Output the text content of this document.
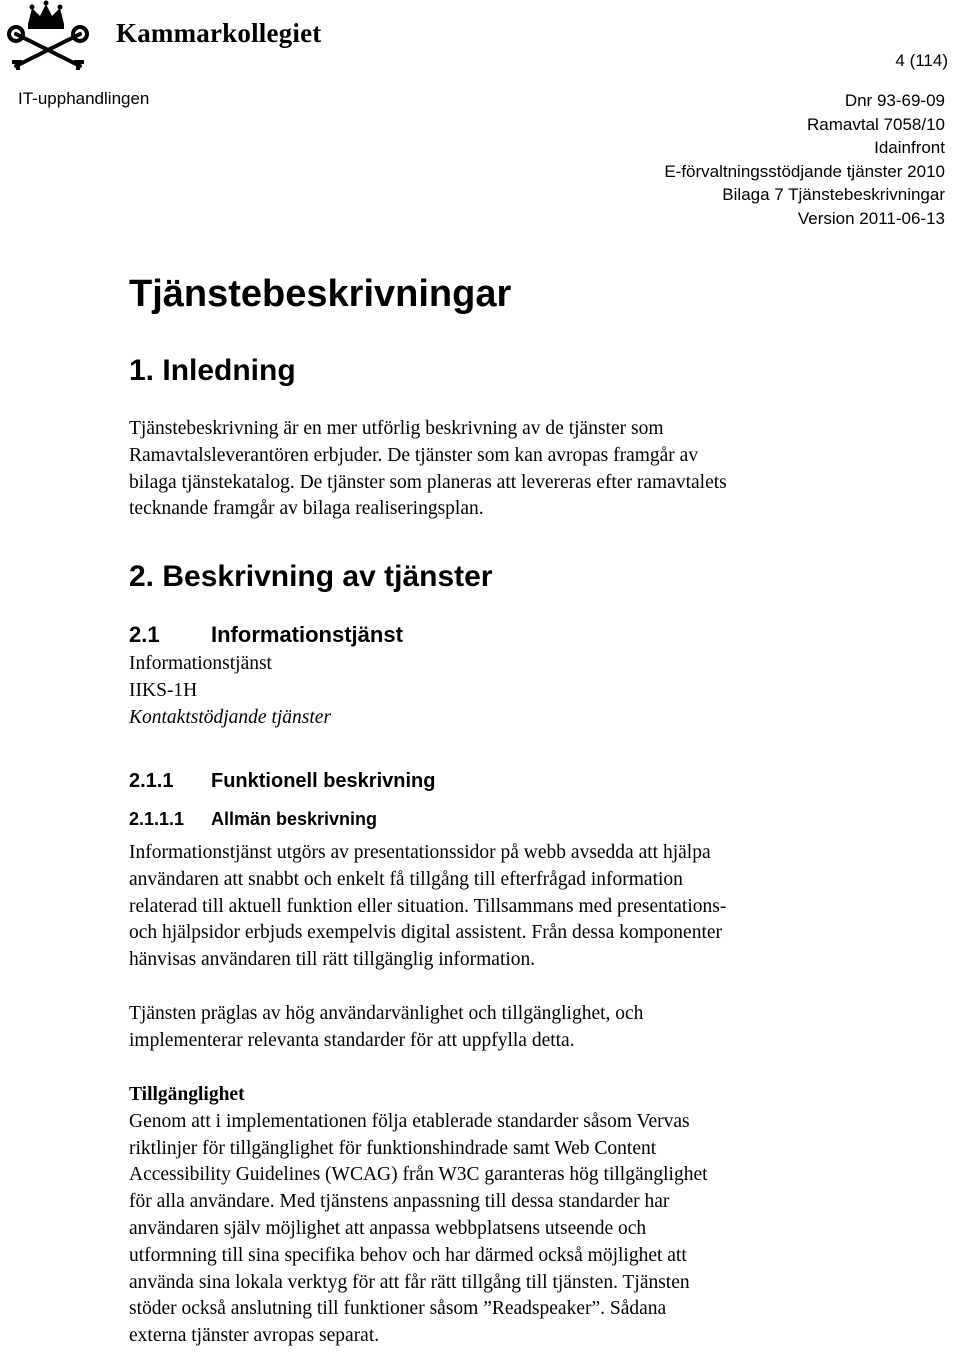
Kammarkollegiet
4 (114)
IT-upphandlingen	Dnr 93-69-09
Ramavtal 7058/10
Idainfront
E-förvaltningsstödjande tjänster 2010
Bilaga 7 Tjänstebeskrivningar
Version 2011-06-13
Tjänstebeskrivningar
1. Inledning
Tjänstebeskrivning är en mer utförlig beskrivning av de tjänster som
Ramavtalsleverantören erbjuder. De tjänster som kan avropas framgår av
bilaga tjänstekatalog. De tjänster som planeras att levereras efter ramavtalets
tecknande framgår av bilaga realiseringsplan.
2. Beskrivning av tjänster
2.1 Informationstjänst
Informationstjänst
IIKS-1H
Kontaktstödjande tjänster
2.1.1 Funktionell beskrivning
2.1.1.1 Allmän beskrivning
Informationstjänst utgörs av presentationssidor på webb avsedda att hjälpa
användaren att snabbt och enkelt få tillgång till efterfrågad information
relaterad till aktuell funktion eller situation. Tillsammans med presentations-
och hjälpsidor erbjuds exempelvis digital assistent. Från dessa komponenter
hänvisas användaren till rätt tillgänglig information.
Tjänsten präglas av hög användarvänlighet och tillgänglighet, och
implementerar relevanta standarder för att uppfylla detta.
Tillgänglighet
Genom att i implementationen följa etablerade standarder såsom Vervas
riktlinjer för tillgänglighet för funktionshindrade samt Web Content
Accessibility Guidelines (WCAG) från W3C garanteras hög tillgänglighet
för alla användare. Med tjänstens anpassning till dessa standarder har
användaren själv möjlighet att anpassa webbplatsens utseende och
utformning till sina specifika behov och har därmed också möjlighet att
använda sina lokala verktyg för att får rätt tillgång till tjänsten. Tjänsten
stöder också anslutning till funktioner såsom ”Readspeaker”. Sådana
externa tjänster avropas separat.
